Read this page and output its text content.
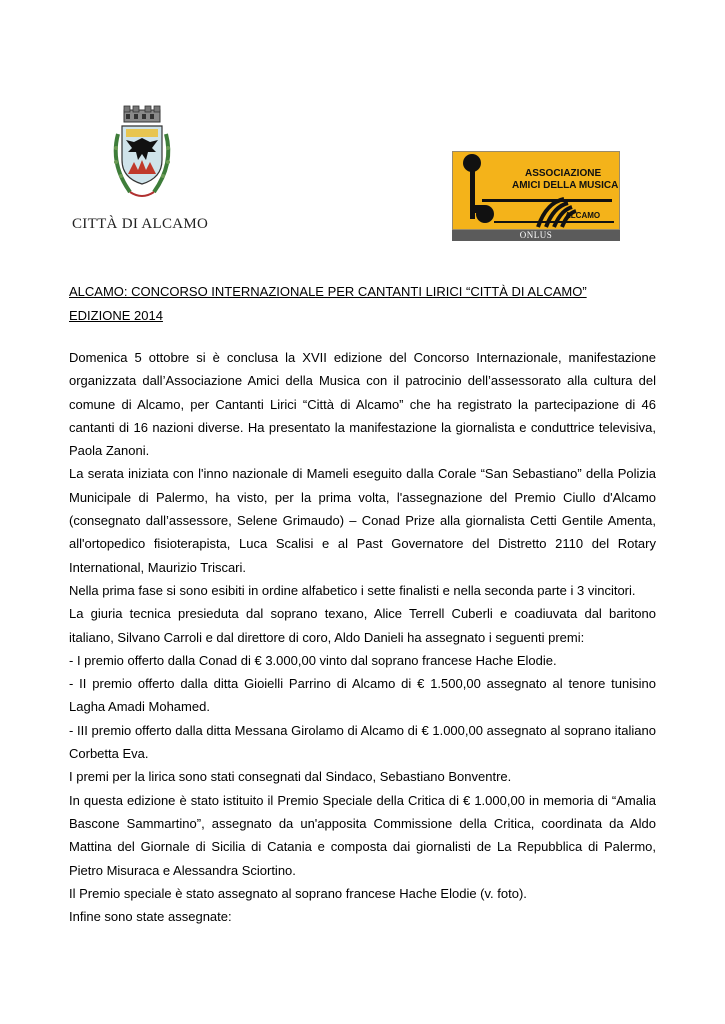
CITTÀ DI ALCAMO
ASSOCIAZIONE
AMICI DELLA MUSICA
ALCAMO
ONLUS
ALCAMO: CONCORSO INTERNAZIONALE PER CANTANTI LIRICI “CITTÀ DI ALCAMO”
EDIZIONE 2014

Domenica 5 ottobre si è conclusa la XVII edizione del Concorso Internazionale, manifestazione organizzata dall’Associazione Amici della Musica con il patrocinio dell’assessorato alla cultura del comune di Alcamo, per Cantanti Lirici “Città di Alcamo” che ha registrato la partecipazione di 46 cantanti di 16 nazioni diverse. Ha presentato la manifestazione la giornalista e conduttrice televisiva, Paola Zanoni.

La serata iniziata con l'inno nazionale di Mameli eseguito dalla Corale “San Sebastiano” della Polizia Municipale di Palermo, ha visto, per la prima volta, l'assegnazione del Premio Ciullo d'Alcamo (consegnato dall’assessore, Selene Grimaudo) – Conad Prize alla giornalista Cetti Gentile Amenta, all'ortopedico fisioterapista, Luca Scalisi e al Past Governatore del Distretto 2110 del Rotary International, Maurizio Triscari.

Nella prima fase si sono esibiti in ordine alfabetico i sette finalisti e nella seconda parte i 3 vincitori.

La giuria tecnica presieduta dal soprano texano, Alice Terrell Cuberli e coadiuvata dal baritono italiano, Silvano Carroli e dal direttore di coro, Aldo Danieli ha assegnato i seguenti premi:

- I premio offerto dalla Conad di € 3.000,00 vinto dal soprano francese Hache Elodie.

- II premio offerto dalla ditta Gioielli Parrino di Alcamo di € 1.500,00 assegnato al tenore tunisino Lagha Amadi Mohamed.

- III premio offerto dalla ditta Messana Girolamo di Alcamo di € 1.000,00 assegnato al soprano italiano Corbetta Eva.

I premi per la lirica sono stati consegnati dal Sindaco, Sebastiano Bonventre.

In questa edizione è stato istituito il Premio Speciale della Critica di € 1.000,00 in memoria di “Amalia Bascone Sammartino”, assegnato da un'apposita Commissione della Critica, coordinata da Aldo Mattina del Giornale di Sicilia di Catania e composta dai giornalisti de La Repubblica di Palermo, Pietro Misuraca e Alessandra Sciortino.

Il Premio speciale è stato assegnato al soprano francese Hache Elodie (v. foto).

Infine sono state assegnate:
